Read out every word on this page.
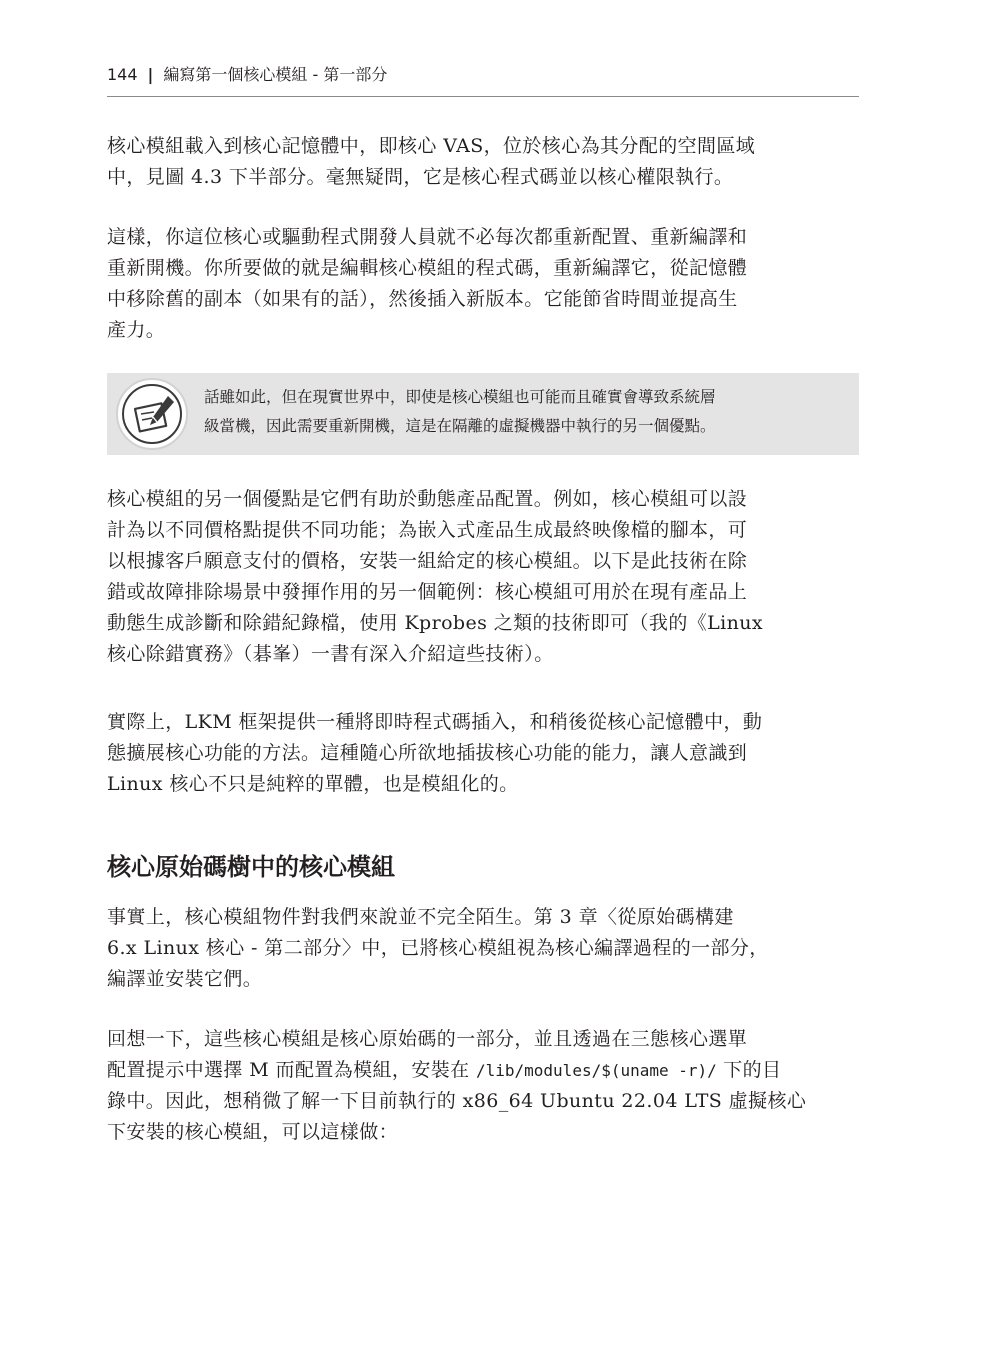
144 | 編寫第一個核心模組 - 第一部分

核心模組載入到核心記憶體中，即核心 VAS，位於核心為其分配的空間區域
中，見圖 4.3 下半部分。毫無疑問，它是核心程式碼並以核心權限執行。

這樣，你這位核心或驅動程式開發人員就不必每次都重新配置、重新編譯和
重新開機。你所要做的就是編輯核心模組的程式碼，重新編譯它，從記憶體
中移除舊的副本（如果有的話），然後插入新版本。它能節省時間並提高生
產力。

話雖如此，但在現實世界中，即使是核心模組也可能而且確實會導致系統層
級當機，因此需要重新開機，這是在隔離的虛擬機器中執行的另一個優點。

核心模組的另一個優點是它們有助於動態產品配置。例如，核心模組可以設
計為以不同價格點提供不同功能；為嵌入式產品生成最終映像檔的腳本，可
以根據客戶願意支付的價格，安裝一組給定的核心模組。以下是此技術在除
錯或故障排除場景中發揮作用的另一個範例：核心模組可用於在現有產品上
動態生成診斷和除錯紀錄檔，使用 Kprobes 之類的技術即可（我的《Linux
核心除錯實務》（碁峯）一書有深入介紹這些技術）。

實際上，LKM 框架提供一種將即時程式碼插入，和稍後從核心記憶體中，動
態擴展核心功能的方法。這種隨心所欲地插拔核心功能的能力，讓人意識到
Linux 核心不只是純粹的單體，也是模組化的。

核心原始碼樹中的核心模組

事實上，核心模組物件對我們來說並不完全陌生。第 3 章〈從原始碼構建
6.x Linux 核心 - 第二部分〉中，已將核心模組視為核心編譯過程的一部分，
編譯並安裝它們。

回想一下，這些核心模組是核心原始碼的一部分，並且透過在三態核心選單
配置提示中選擇 M 而配置為模組，安裝在 /lib/modules/$(uname -r)/ 下的目
錄中。因此，想稍微了解一下目前執行的 x86_64 Ubuntu 22.04 LTS 虛擬核心
下安裝的核心模組，可以這樣做：
